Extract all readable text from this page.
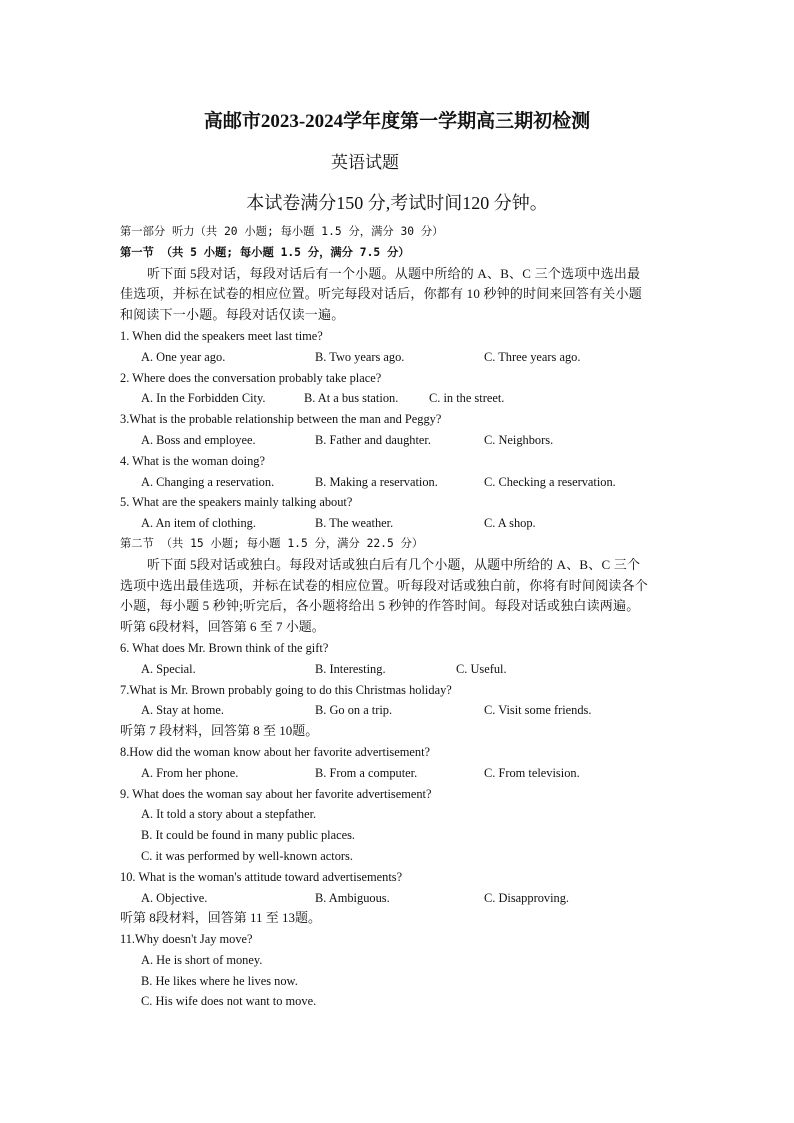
高邮市2023-2024学年度第一学期高三期初检测
英语试题
本试卷满分150 分,考试时间120 分钟。
第一部分 听力（共 20 小题; 每小题 1.5 分，满分 30 分）
第一节 （共 5 小题; 每小题 1.5 分，满分 7.5 分）
听下面 5段对话，每段对话后有一个小题。从题中所给的 A、B、C 三个选项中选出最
佳选项，并标在试卷的相应位置。听完每段对话后，你都有 10 秒钟的时间来回答有关小题
和阅读下一小题。每段对话仅读一遍。
1. When did the speakers meet last time?
A. One year ago.	B. Two years ago.	C. Three years ago.
2. Where does the conversation probably take place?
A. In the Forbidden City.	B. At a bus station. C. in the street.
3.What is the probable relationship between the man and Peggy?
A. Boss and employee.	B. Father and daughter.	C. Neighbors.
4. What is the woman doing?
A. Changing a reservation.	B. Making a reservation.	C. Checking a reservation.
5. What are the speakers mainly talking about?
A. An item of clothing.	B. The weather.	C. A shop.
第二节 （共 15 小题; 每小题 1.5 分，满分 22.5 分）
听下面 5段对话或独白。每段对话或独白后有几个小题，从题中所给的 A、B、C 三个
选项中选出最佳选项，并标在试卷的相应位置。听每段对话或独白前，你将有时间阅读各个
小题，每小题 5 秒钟;听完后，各小题将给出 5 秒钟的作答时间。每段对话或独白读两遍。
听第 6段材料，回答第 6 至 7 小题。
6. What does Mr. Brown think of the gift?
A. Special.	B. Interesting.	C. Useful.
7.What is Mr. Brown probably going to do this Christmas holiday?
A. Stay at home.	B. Go on a trip.	C. Visit some friends.
听第 7 段材料，回答第 8 至 10题。
8.How did the woman know about her favorite advertisement?
A. From her phone.	B. From a computer.	C. From television.
9. What does the woman say about her favorite advertisement?
A. It told a story about a stepfather.
B. It could be found in many public places.
C. it was performed by well-known actors.
10. What is the woman's attitude toward advertisements?
A. Objective.	B. Ambiguous.	C. Disapproving.
听第 8段材料，回答第 11 至 13题。
11.Why doesn't Jay move?
A. He is short of money.
B. He likes where he lives now.
C. His wife does not want to move.
